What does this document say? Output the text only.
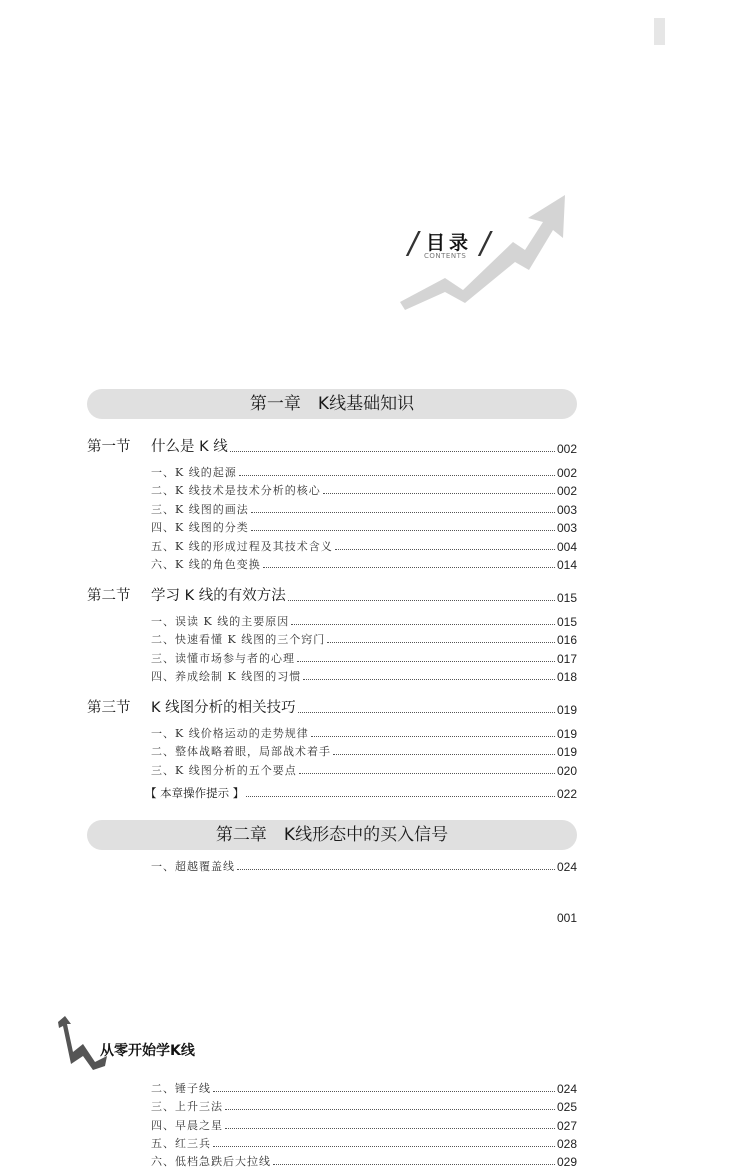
/ 目录
CONTENTS /
第一章　K线基础知识
第一节	什么是 K 线	002
一、K 线的起源	002
二、K 线技术是技术分析的核心	002
三、K 线图的画法	003
四、K 线图的分类	003
五、K 线的形成过程及其技术含义	004
六、K 线的角色变换	014
第二节	学习 K 线的有效方法	015
一、误读 K 线的主要原因	015
二、快速看懂 K 线图的三个窍门	016
三、读懂市场参与者的心理	017
四、养成绘制 K 线图的习惯	018
第三节	K 线图分析的相关技巧	019
一、K 线价格运动的走势规律	019
二、整体战略着眼，局部战术着手	019
三、K 线图分析的五个要点	020
【 本章操作提示 】	022
第二章　K线形态中的买入信号
一、超越覆盖线	024
001
从零开始学K线
二、锤子线	024
三、上升三法	025
四、早晨之星	027
五、红三兵	028
六、低档急跌后大拉线	029
